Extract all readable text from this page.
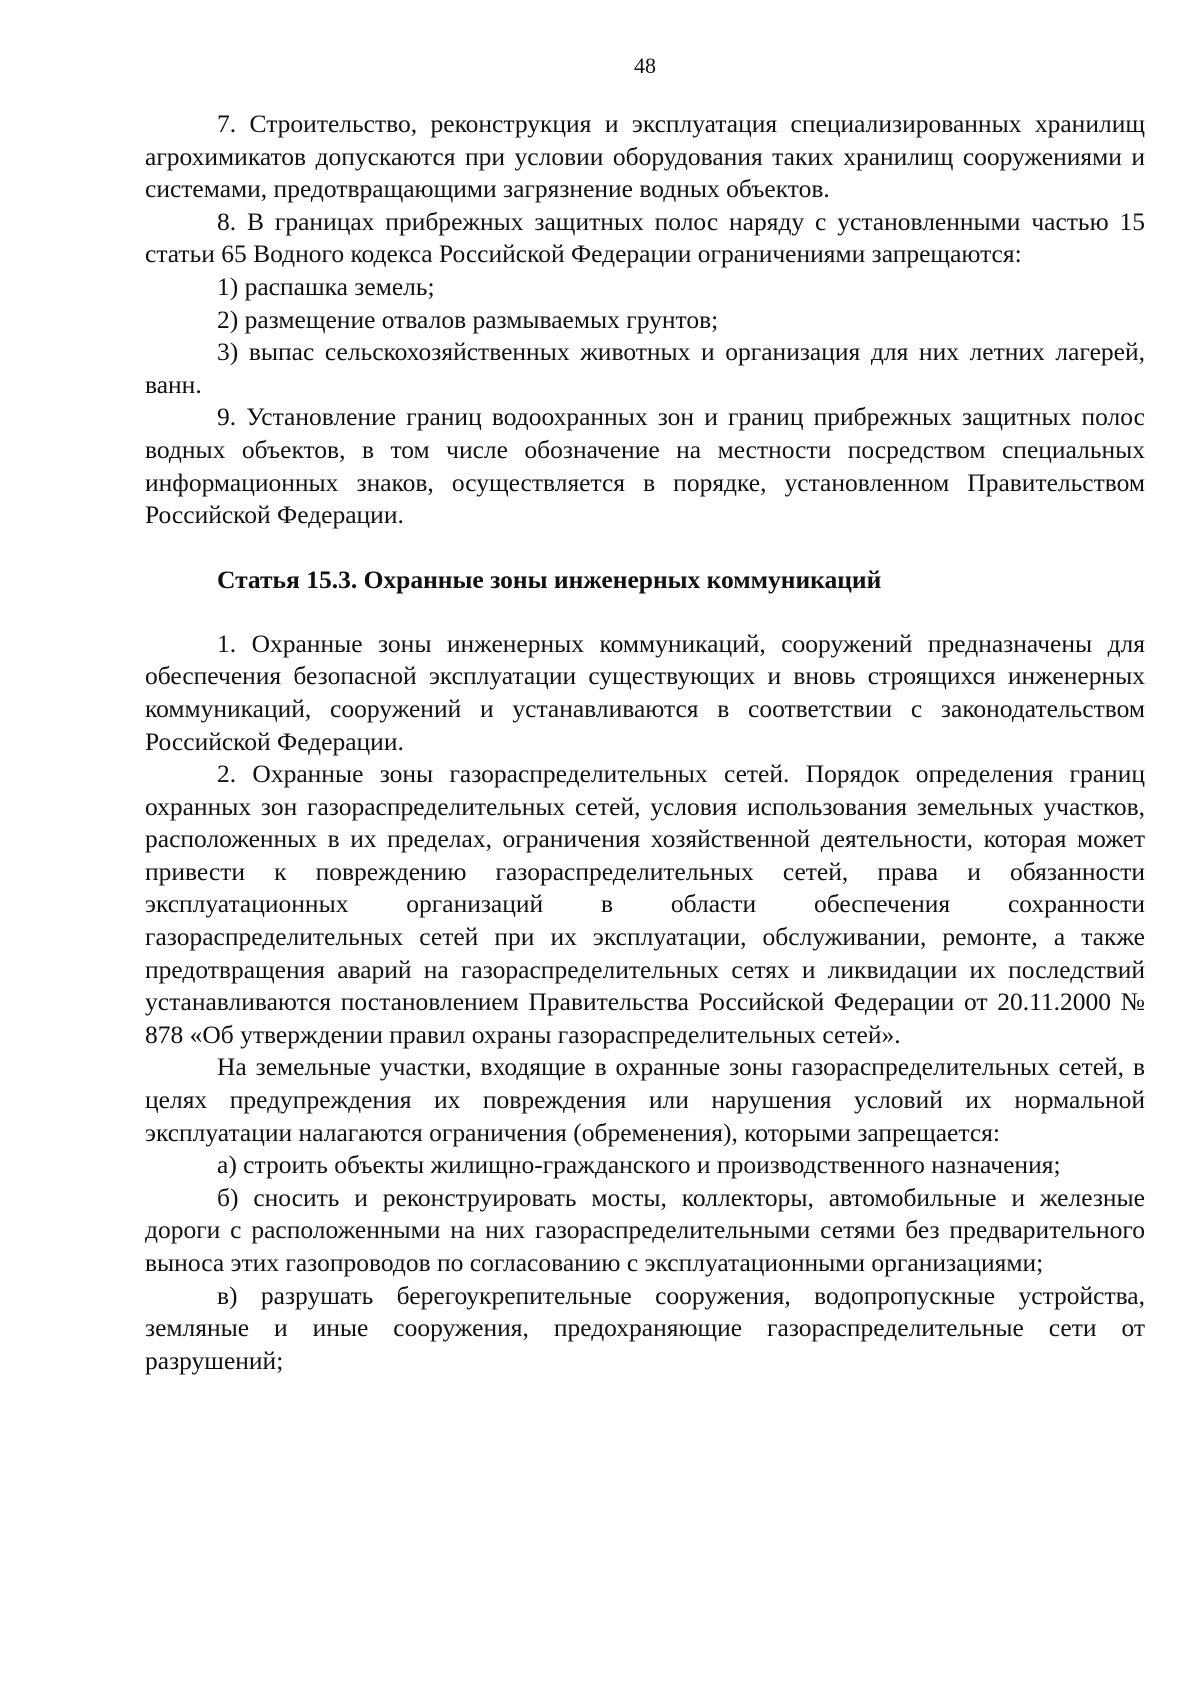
48

7. Строительство, реконструкция и эксплуатация специализированных хранилищ агрохимикатов допускаются при условии оборудования таких хранилищ сооружениями и системами, предотвращающими загрязнение водных объектов.

8. В границах прибрежных защитных полос наряду с установленными частью 15 статьи 65 Водного кодекса Российской Федерации ограничениями запрещаются:

1) распашка земель;

2) размещение отвалов размываемых грунтов;

3) выпас сельскохозяйственных животных и организация для них летних лагерей, ванн.

9. Установление границ водоохранных зон и границ прибрежных защитных полос водных объектов, в том числе обозначение на местности посредством специальных информационных знаков, осуществляется в порядке, установленном Правительством Российской Федерации.

Статья 15.3. Охранные зоны инженерных коммуникаций

1. Охранные зоны инженерных коммуникаций, сооружений предназначены для обеспечения безопасной эксплуатации существующих и вновь строящихся инженерных коммуникаций, сооружений и устанавливаются в соответствии с законодательством Российской Федерации.

2. Охранные зоны газораспределительных сетей. Порядок определения границ охранных зон газораспределительных сетей, условия использования земельных участков, расположенных в их пределах, ограничения хозяйственной деятельности, которая может привести к повреждению газораспределительных сетей, права и обязанности эксплуатационных организаций в области обеспечения сохранности газораспределительных сетей при их эксплуатации, обслуживании, ремонте, а также предотвращения аварий на газораспределительных сетях и ликвидации их последствий устанавливаются постановлением Правительства Российской Федерации от 20.11.2000 № 878 «Об утверждении правил охраны газораспределительных сетей».

На земельные участки, входящие в охранные зоны газораспределительных сетей, в целях предупреждения их повреждения или нарушения условий их нормальной эксплуатации налагаются ограничения (обременения), которыми запрещается:

а) строить объекты жилищно-гражданского и производственного назначения;

б) сносить и реконструировать мосты, коллекторы, автомобильные и железные дороги с расположенными на них газораспределительными сетями без предварительного выноса этих газопроводов по согласованию с эксплуатационными организациями;

в) разрушать берегоукрепительные сооружения, водопропускные устройства, земляные и иные сооружения, предохраняющие газораспределительные сети от разрушений;
